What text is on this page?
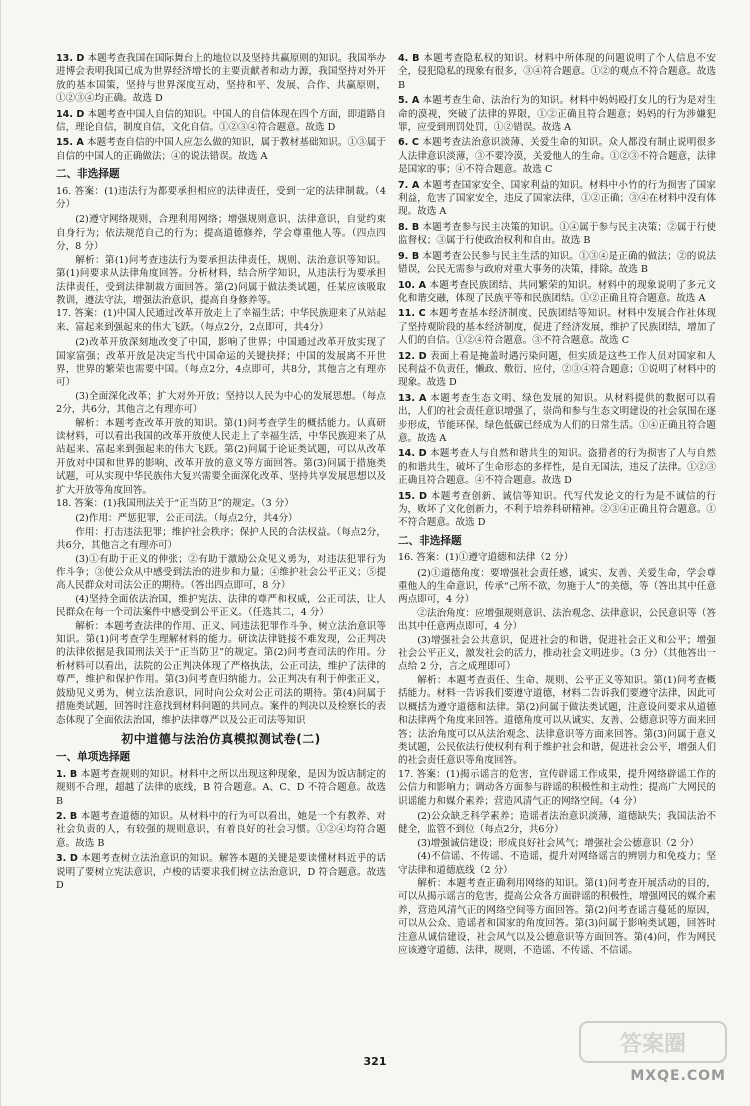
13. D 本题考查我国在国际舞台上的地位以及坚持共赢原则的知识。我国举办进博会表明我国已成为世界经济增长的主要贡献者和动力源，我国坚持对外开放的基本国策，坚持与世界深度互动，坚持和平、发展、合作、共赢原则，①②③④均正确。故选 D
14. D 本题考查中国人自信的知识。中国人的自信体现在四个方面，即道路自信，理论自信，制度自信，文化自信。①②③④符合题意。故选 D
15. A 本题考查自信的中国人应怎么做的知识，属于教材基础知识。①③属于自信的中国人的正确做法；④的说法错误。故选 A
二、非选择题

16. 答案：(1)违法行为都要承担相应的法律责任，受到一定的法律制裁。（4 分）

(2)遵守网络规则，合理利用网络；增强规则意识、法律意识，自觉约束自身行为；依法规范自己的行为；提高道德修养，学会尊重他人等。（四点四分，8 分）

解析：第(1)问考查违法行为要承担法律责任，规则、法治意识等知识。第(1)问要求从法律角度回答。分析材料，结合所学知识，从违法行为要承担法律责任，受到法律制裁方面回答。第(2)问属于做法类试题，任某应该吸取教训，遵法守法，增强法治意识，提高自身修养等。

17. 答案：(1)中国人民通过改革开放走上了幸福生活；中华民族迎来了从站起来、富起来到强起来的伟大飞跃。（每点2分，2点即可，共4分）

(2)改革开放深刻地改变了中国，影响了世界；中国通过改革开放实现了国家富强；改革开放是决定当代中国命运的关键抉择；中国的发展离不开世界，世界的繁荣也需要中国。（每点2分，4点即可，共8分，其他言之有理亦可）

(3)全面深化改革；扩大对外开放；坚持以人民为中心的发展思想。（每点2分，共6分，其他言之有理亦可）

解析：本题考查改革开放的知识。第(1)问考查学生的概括能力。认真研读材料，可以看出我国的改革开放使人民走上了幸福生活，中华民族迎来了从站起来、富起来到强起来的伟大飞跃。第(2)问属于论证类试题，可以从改革开放对中国和世界的影响、改革开放的意义等方面回答。第(3)问属于措施类试题，可从实现中华民族伟大复兴需要全面深化改革、坚持共享发展思想以及扩大开放等角度回答。

18. 答案：(1)我国刑法关于“正当防卫”的规定。（3 分）

(2)作用：严惩犯罪，公正司法。（每点2分，共4分）

作用：打击违法犯罪；维护社会秩序；保护人民的合法权益。（每点2分，共6分，其他言之有理亦可）

(3)①有助于正义的伸张；②有助于激励公众见义勇为，对违法犯罪行为作斗争；③使公众从中感受到法治的进步和力量；④维护社会公平正义；⑤提高人民群众对司法公正的期待。（答出四点即可，8 分）

(4)坚持全面依法治国，维护宪法、法律的尊严和权威，公正司法，让人民群众在每一个司法案件中感受到公平正义。（任选其二，4 分）

解析：本题考查法律的作用、正义、同违法犯罪作斗争、树立法治意识等知识。第(1)问考查学生理解材料的能力。研读法律链接不难发现，公正判决的法律依据是我国刑法关于“正当防卫”的规定。第(2)问考查司法的作用。分析材料可以看出，法院的公正判决体现了严格执法，公正司法，维护了法律的尊严，维护和保护作用。第(3)问考查归纳能力。公正判决有利于伸张正义，鼓励见义勇为，树立法治意识，同时向公众对公正司法的期待。第(4)问属于措施类试题，回答时注意找到材料问题的共同点。案件的判决以及检察长的表态体现了全面依法治国，维护法律尊严以及公正司法等知识

初中道德与法治仿真模拟测试卷(二)
一、单项选择题
1. B 本题考查规则的知识。材料中之所以出现这种现象，是因为饭店制定的规则不合理，超越了法律的底线，B 符合题意。A、C、D 不符合题意。故选 B
2. B 本题考查道德的知识。从材料中的行为可以看出，她是一个有教养、对社会负责的人，有较强的规则意识，有着良好的社会习惯。①②④均符合题意。故选 B
3. D 本题考查树立法治意识的知识。解答本题的关键是要读懂材料近乎的话说明了要树立宪法意识，卢梭的话要求我们树立法治意识，D 符合题意。故选 D
4. B 本题考查隐私权的知识。材料中所体现的问题说明了个人信息不安全，侵犯隐私的现象有很多，③④符合题意。①②的观点不符合题意。故选 B
5. A 本题考查生命、法治行为的知识。材料中妈妈殴打女儿的行为是对生命的漠视，突破了法律的界限，①②正确且符合题意；妈妈的行为涉嫌犯罪，应受到刑罚处罚，①②错误。故选 A
6. C 本题考查法治意识淡薄、关爱生命的知识。众人都没有制止说明很多人法律意识淡薄，③不要冷漠，关爱他人的生命。①②③不符合题意，法律是国家的事；④不符合题意。故选 C
7. A 本题考查国家安全、国家利益的知识。材料中小竹的行为损害了国家利益，危害了国家安全，违反了国家法律，①②正确；③④在材料中没有体现。故选 A
8. B 本题考查参与民主决策的知识。①④属于参与民主决策；②属于行使监督权；③属于行使政治权利和自由。故选 B
9. B 本题考查公民参与民主生活的知识。①③④是正确的做法；②的说法错误，公民无需参与政府对重大事务的决策，排除。故选 B
10. A 本题考查民族团结、共同繁荣的知识。材料中的现象说明了多元文化和谐交融，体现了民族平等和民族团结。①②正确且符合题意。故选 A
11. C 本题考查基本经济制度、民族团结等知识。材料中发展合作社体现了坚持观阶段的基本经济制度，促进了经济发展，维护了民族团结，增加了人们的自信。①②④符合题意。③不符合题意。故选 C
12. D 表面上看是掩盖时遇污染问题，但实质是这些工作人员对国家和人民利益不负责任，懒政、敷衍、应付，②③④符合题意；①说明了材料中的现象。故选 D
13. A 本题考查生态文明、绿色发展的知识。从材料提供的数据可以看出，人们的社会责任意识增强了，崇尚和参与生态文明建设的社会氛围在逐步形成，节能环保、绿色低碳已经成为人们的日常生活。①④正确且符合题意。故选 A
14. D 本题考查人与自然和谐共生的知识。盗猎者的行为损害了人与自然的和谐共生，破坏了生命形态的多样性，是自无国法，违反了法律。①②③正确且符合题意。④不符合题意。故选 D
15. D 本题考查创新、诚信等知识。代写代发论文的行为是不诚信的行为，败坏了文化创新力，不利于培养科研精神。②③④正确且符合题意。①不符合题意。故选 D
二、非选择题

16. 答案：(1)①遵守道德和法律（2 分）

(2)①道德角度：要增强社会责任感，诚实、友善、关爱生命，学会尊重他人的生命意识，传承“己所不欲，勿施于人”的美德，等（答出其中任意两点即可，4 分）

②法治角度：应增强规则意识、法治观念、法律意识，公民意识等（答出其中任意两点即可，4 分）

(3)增强社会公共意识，促进社会的和谐，促进社会正义和公平；增强社会公平正义，激发社会的活力，推动社会文明进步。（3 分）（其他答出一点给 2 分，言之成理即可）

解析：本题考查责任、生命、规则、公平正义等知识。第(1)问考查概括能力。材料一告诉我们要遵守道德，材料二告诉我们要遵守法律，因此可以概括为遵守道德和法律。第(2)问属于做法类试题，注意设问要求从道德和法律两个角度来回答。道德角度可以从诚实、友善、公德意识等方面来回答；法治角度可以从法治观念、法律意识等方面来回答。第(3)问属于意义类试题，公民依法行使权利有利于维护社会和谐，促进社会公平，增强人们的社会责任意识等角度回答。

17. 答案：(1)揭示谣言的危害，宣传辟谣工作成果，提升网络辟谣工作的公信力和影响力；调动各方面参与辟谣的积极性和主动性；提高广大网民的识谣能力和媒介素养；营造风清气正的网络空间。（4 分）

(2)公众缺乏科学素养；造谣者法治意识淡薄，道德缺失；我国法治不健全，监管不到位（每点2分，共6分）

(3)增强诚信建设；形成良好社会风气；增强社会公德意识（2 分）

(4)不信谣、不传谣、不造谣，提升对网络谣言的辨别力和免疫力；坚守法律和道德底线（2 分）

解析：本题考查正确利用网络的知识。第(1)问考查开展活动的目的，可以从揭示谣言的危害，提高公众各方面辟谣的积极性，增强网民的媒介素养，营造风清气正的网络空间等方面回答。第(2)问考查谣言蔓延的原因，可以从公众、造谣者和国家的角度回答。第(3)问属于影响类试题，回答时注意从诚信建设，社会风气以及公德意识等方面回答。第(4)问，作为网民应该遵守道德、法律，规则，不造谣、不传谣、不信谣。

321
答案圈
MXQE.COM
